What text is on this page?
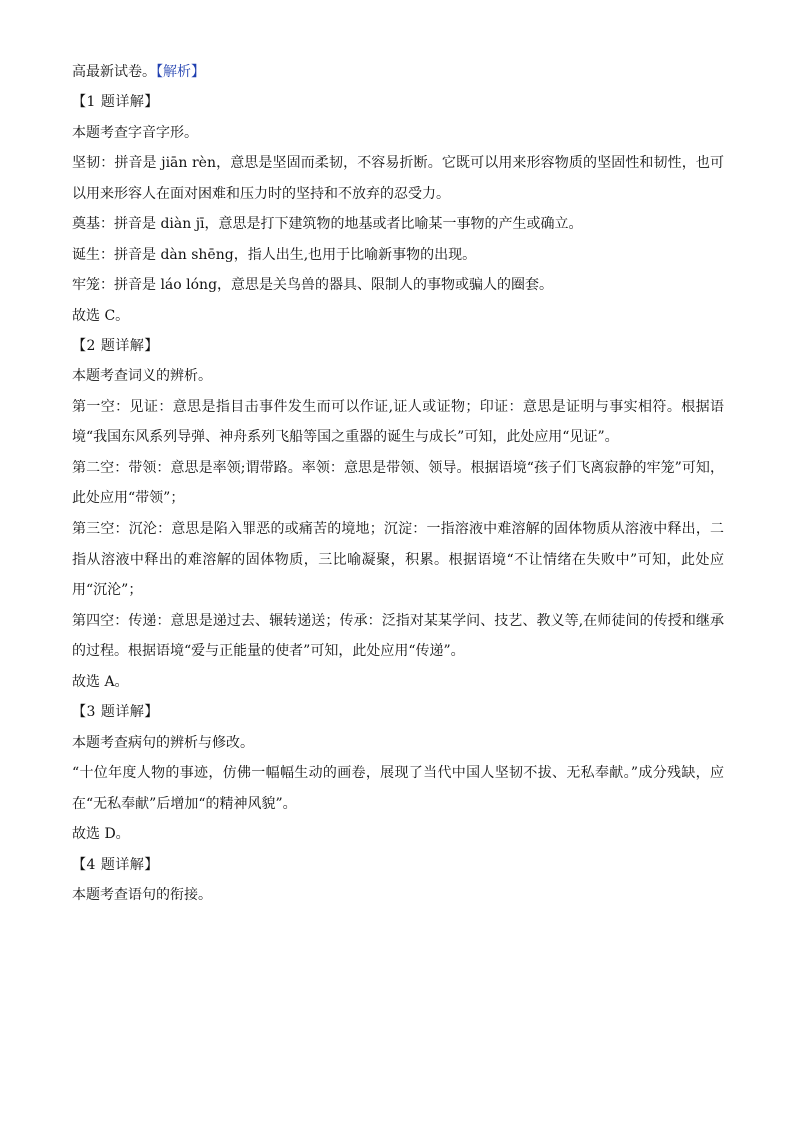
高最新试卷。【解析】
【1 题详解】
本题考查字音字形。
坚韧：拼音是 jiān rèn，意思是坚固而柔韧，不容易折断。它既可以用来形容物质的坚固性和韧性，也可以用来形容人在面对困难和压力时的坚持和不放弃的忍受力。
奠基：拼音是 diàn jī，意思是打下建筑物的地基或者比喻某一事物的产生或确立。
诞生：拼音是 dàn shēng，指人出生,也用于比喻新事物的出现。
牢笼：拼音是 láo lóng，意思是关鸟兽的器具、限制人的事物或骗人的圈套。
故选 C。
【2 题详解】
本题考查词义的辨析。
第一空：见证：意思是指目击事件发生而可以作证,证人或证物；印证：意思是证明与事实相符。根据语境“我国东风系列导弹、神舟系列飞船等国之重器的诞生与成长”可知，此处应用“见证”。
第二空：带领：意思是率领;谓带路。率领：意思是带领、领导。根据语境“孩子们飞离寂静的牢笼”可知，此处应用“带领”；
第三空：沉沦：意思是陷入罪恶的或痛苦的境地；沉淀：一指溶液中难溶解的固体物质从溶液中释出，二指从溶液中释出的难溶解的固体物质，三比喻凝聚，积累。根据语境“不让情绪在失败中”可知，此处应用“沉沦”；
第四空：传递：意思是递过去、辗转递送；传承：泛指对某某学问、技艺、教义等,在师徒间的传授和继承的过程。根据语境“爱与正能量的使者”可知，此处应用“传递”。
故选 A。
【3 题详解】
本题考查病句的辨析与修改。
“十位年度人物的事迹，仿佛一幅幅生动的画卷，展现了当代中国人坚韧不拔、无私奉献。”成分残缺，应在“无私奉献”后增加“的精神风貌”。
故选 D。
【4 题详解】
本题考查语句的衔接。
